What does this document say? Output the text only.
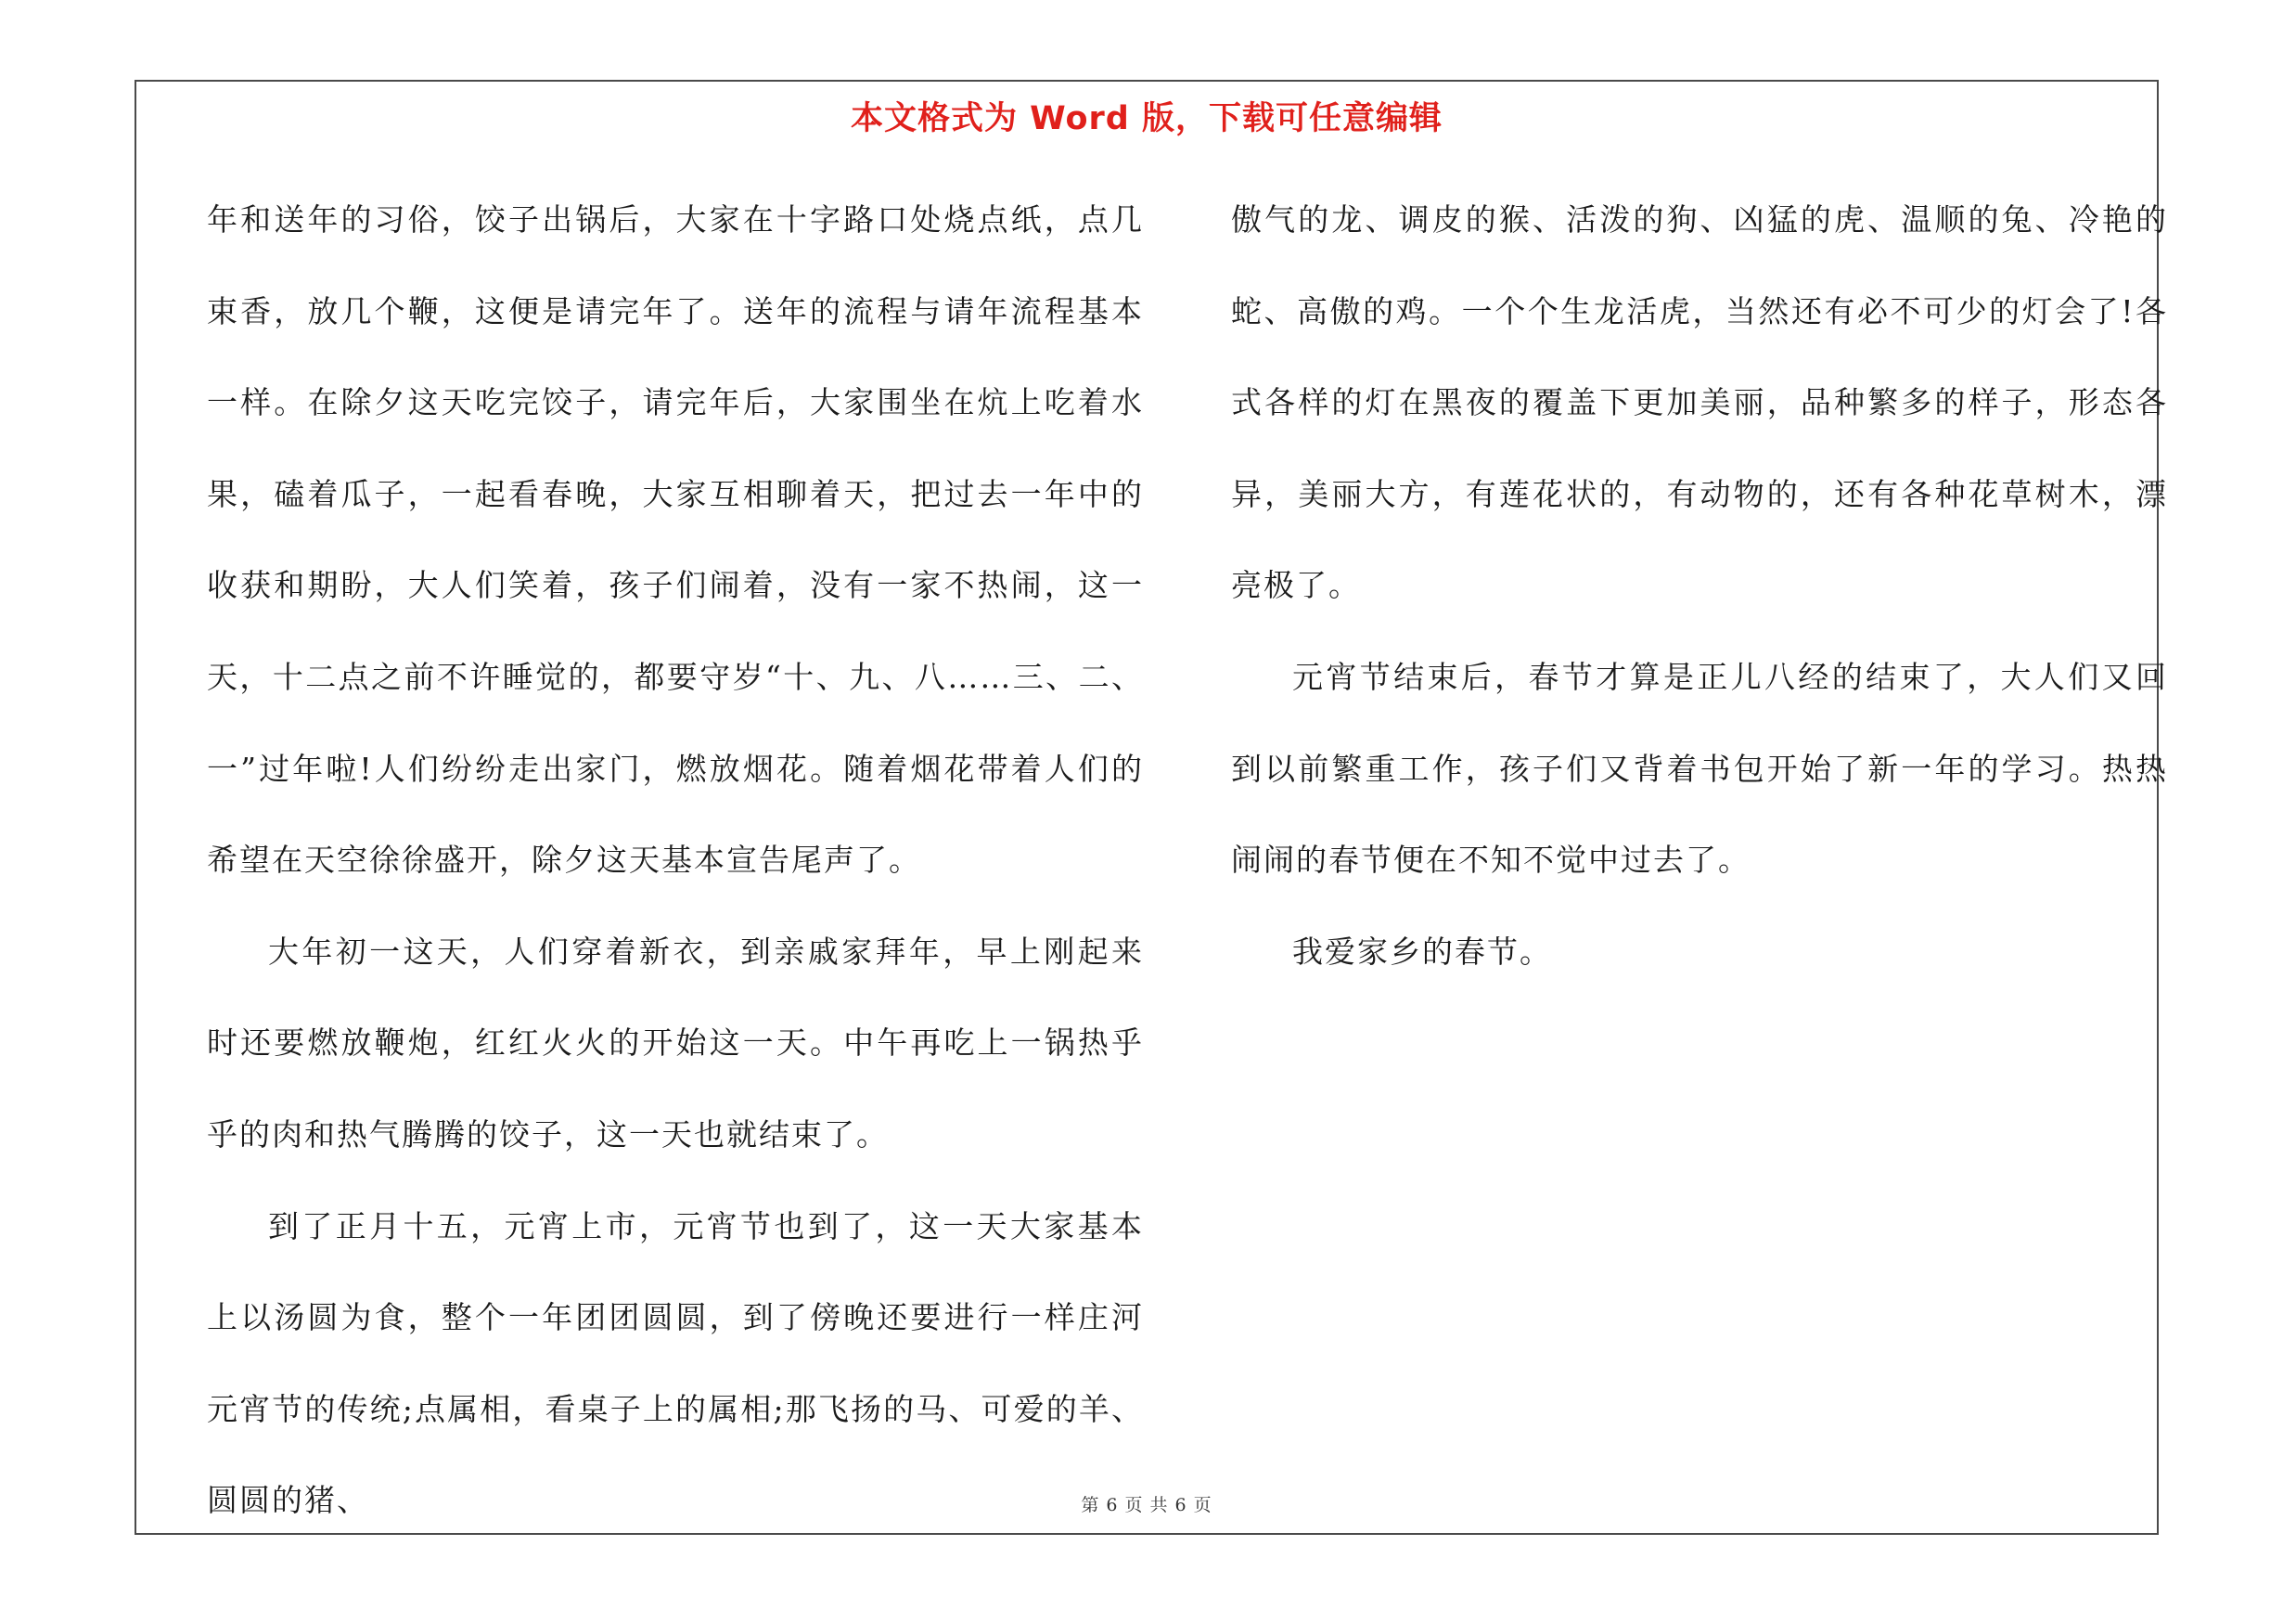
本文格式为 Word 版，下载可任意编辑

年和送年的习俗，饺子出锅后，大家在十字路口处烧点纸，点几束香，放几个鞭，这便是请完年了。送年的流程与请年流程基本一样。在除夕这天吃完饺子，请完年后，大家围坐在炕上吃着水果，磕着瓜子，一起看春晚，大家互相聊着天，把过去一年中的收获和期盼，大人们笑着，孩子们闹着，没有一家不热闹，这一天，十二点之前不许睡觉的，都要守岁“十、九、八……三、二、一”过年啦!人们纷纷走出家门，燃放烟花。随着烟花带着人们的希望在天空徐徐盛开，除夕这天基本宣告尾声了。

大年初一这天，人们穿着新衣，到亲戚家拜年，早上刚起来时还要燃放鞭炮，红红火火的开始这一天。中午再吃上一锅热乎乎的肉和热气腾腾的饺子，这一天也就结束了。

到了正月十五，元宵上市，元宵节也到了，这一天大家基本上以汤圆为食，整个一年团团圆圆，到了傍晚还要进行一样庄河元宵节的传统;点属相，看桌子上的属相;那飞扬的马、可爱的羊、圆圆的猪、

傲气的龙、调皮的猴、活泼的狗、凶猛的虎、温顺的兔、冷艳的蛇、高傲的鸡。一个个生龙活虎，当然还有必不可少的灯会了!各式各样的灯在黑夜的覆盖下更加美丽，品种繁多的样子，形态各异，美丽大方，有莲花状的，有动物的，还有各种花草树木，漂亮极了。

元宵节结束后，春节才算是正儿八经的结束了，大人们又回到以前繁重工作，孩子们又背着书包开始了新一年的学习。热热闹闹的春节便在不知不觉中过去了。

我爱家乡的春节。

第 6 页 共 6 页
